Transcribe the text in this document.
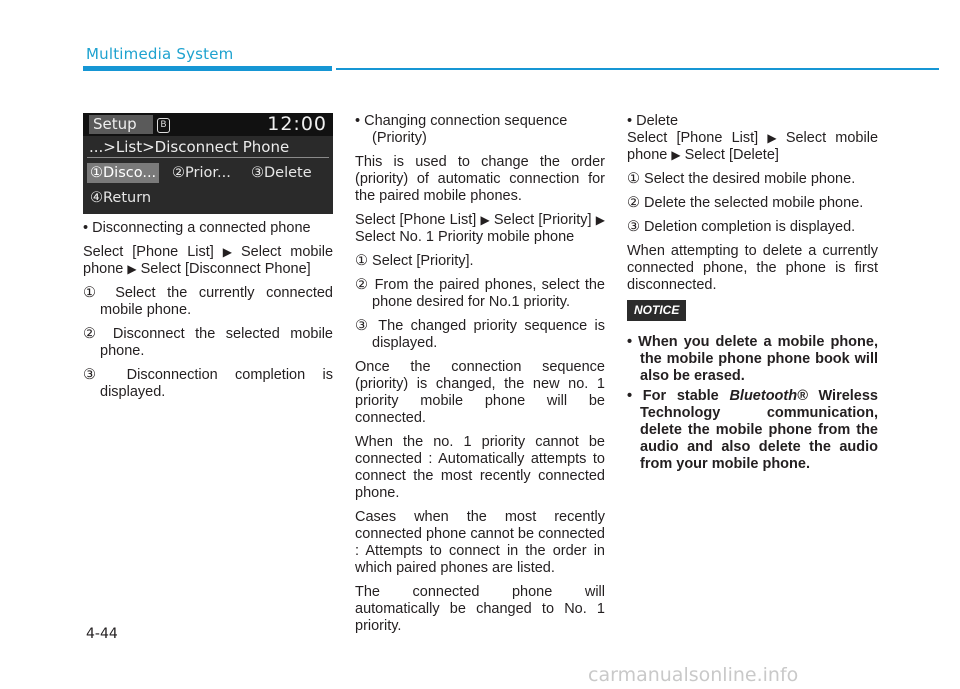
Multimedia System
Setup	B	12:00
...>List>Disconnect Phone
①Disco... ②Prior... ③Delete
④Return

• Disconnecting a connected phone

Select [Phone List] ▶ Select mobile phone ▶ Select [Disconnect Phone]

① Select the currently connected mobile phone.

② Disconnect the selected mobile phone.

③ Disconnection completion is displayed.

• Changing connection sequence (Priority)

This is used to change the order (priority) of automatic connection for the paired mobile phones.

Select [Phone List] ▶ Select [Priority] ▶ Select No. 1 Priority mobile phone

① Select [Priority].

② From the paired phones, select the phone desired for No.1 priority.

③ The changed priority sequence is displayed.

Once the connection sequence (priority) is changed, the new no. 1 priority mobile phone will be connected.

When the no. 1 priority cannot be connected : Automatically attempts to connect the most recently connected phone.

Cases when the most recently connected phone cannot be connected : Attempts to connect in the order in which paired phones are listed.

The connected phone will automatically be changed to No. 1 priority.

• Delete

Select [Phone List] ▶ Select mobile phone ▶ Select [Delete]

① Select the desired mobile phone.

② Delete the selected mobile phone.

③ Deletion completion is displayed.

When attempting to delete a currently connected phone, the phone is first disconnected.

NOTICE

• When you delete a mobile phone, the mobile phone phone book will also be erased.

• For stable Bluetooth® Wireless Technology communication, delete the mobile phone from the audio and also delete the audio from your mobile phone.

4-44
carmanualsonline.info
